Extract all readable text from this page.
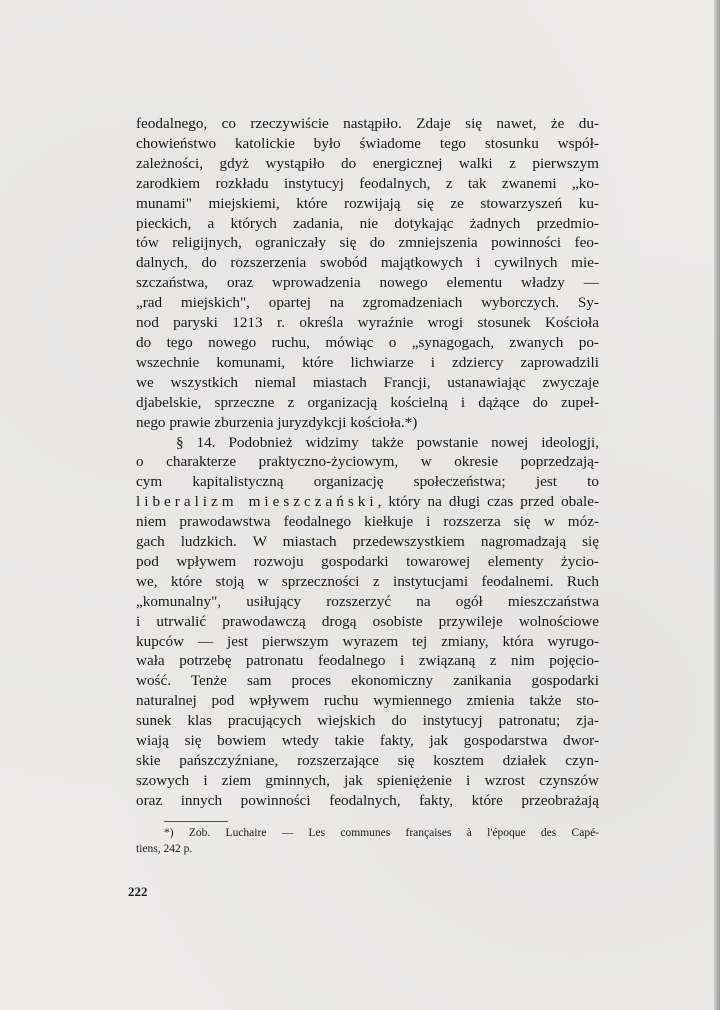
feodalnego, co rzeczywiście nastąpiło. Zdaje się nawet, że du-
chowieństwo katolickie było świadome tego stosunku współ-
zależności, gdyż wystąpiło do energicznej walki z pierwszym
zarodkiem rozkładu instytucyj feodalnych, z tak zwanemi „ko-
munami" miejskiemi, które rozwijają się ze stowarzyszeń ku-
pieckich, a których zadania, nie dotykając żadnych przedmio-
tów religijnych, ograniczały się do zmniejszenia powinności feo-
dalnych, do rozszerzenia swobód majątkowych i cywilnych mie-
szczaństwa, oraz wprowadzenia nowego elementu władzy —
„rad miejskich", opartej na zgromadzeniach wyborczych. Sy-
nod paryski 1213 r. określa wyraźnie wrogi stosunek Kościoła
do tego nowego ruchu, mówiąc o „synagogach, zwanych po-
wszechnie komunami, które lichwiarze i zdziercy zaprowadzili
we wszystkich niemal miastach Francji, ustanawiając zwyczaje
djabelskie, sprzeczne z organizacją kościelną i dążące do zupeł-
nego prawie zburzenia juryzdykcji kościoła.*)
§ 14. Podobnież widzimy także powstanie nowej ideologji,
o charakterze praktyczno-życiowym, w okresie poprzedzają-
cym kapitalistyczną organizację społeczeństwa; jest to
liberalizm mieszczański, który na długi czas przed obale-
niem prawodawstwa feodalnego kiełkuje i rozszerza się w móz-
gach ludzkich. W miastach przedewszystkiem nagromadzają się
pod wpływem rozwoju gospodarki towarowej elementy życio-
we, które stoją w sprzeczności z instytucjami feodalnemi. Ruch
„komunalny", usiłujący rozszerzyć na ogół mieszczaństwa
i utrwalić prawodawczą drogą osobiste przywileje wolnościowe
kupców — jest pierwszym wyrazem tej zmiany, która wyrugo-
wała potrzebę patronatu feodalnego i związaną z nim pojęcio-
wość. Tenże sam proces ekonomiczny zanikania gospodarki
naturalnej pod wpływem ruchu wymiennego zmienia także sto-
sunek klas pracujących wiejskich do instytucyj patronatu; zja-
wiają się bowiem wtedy takie fakty, jak gospodarstwa dwor-
skie pańszczyźniane, rozszerzające się kosztem działek czyn-
szowych i ziem gminnych, jak spieniężenie i wzrost czynszów
oraz innych powinności feodalnych, fakty, które przeobrażają
*) Zob. Luchaire — Les communes françaises à l'époque des Capé-
tiens, 242 p.
222
